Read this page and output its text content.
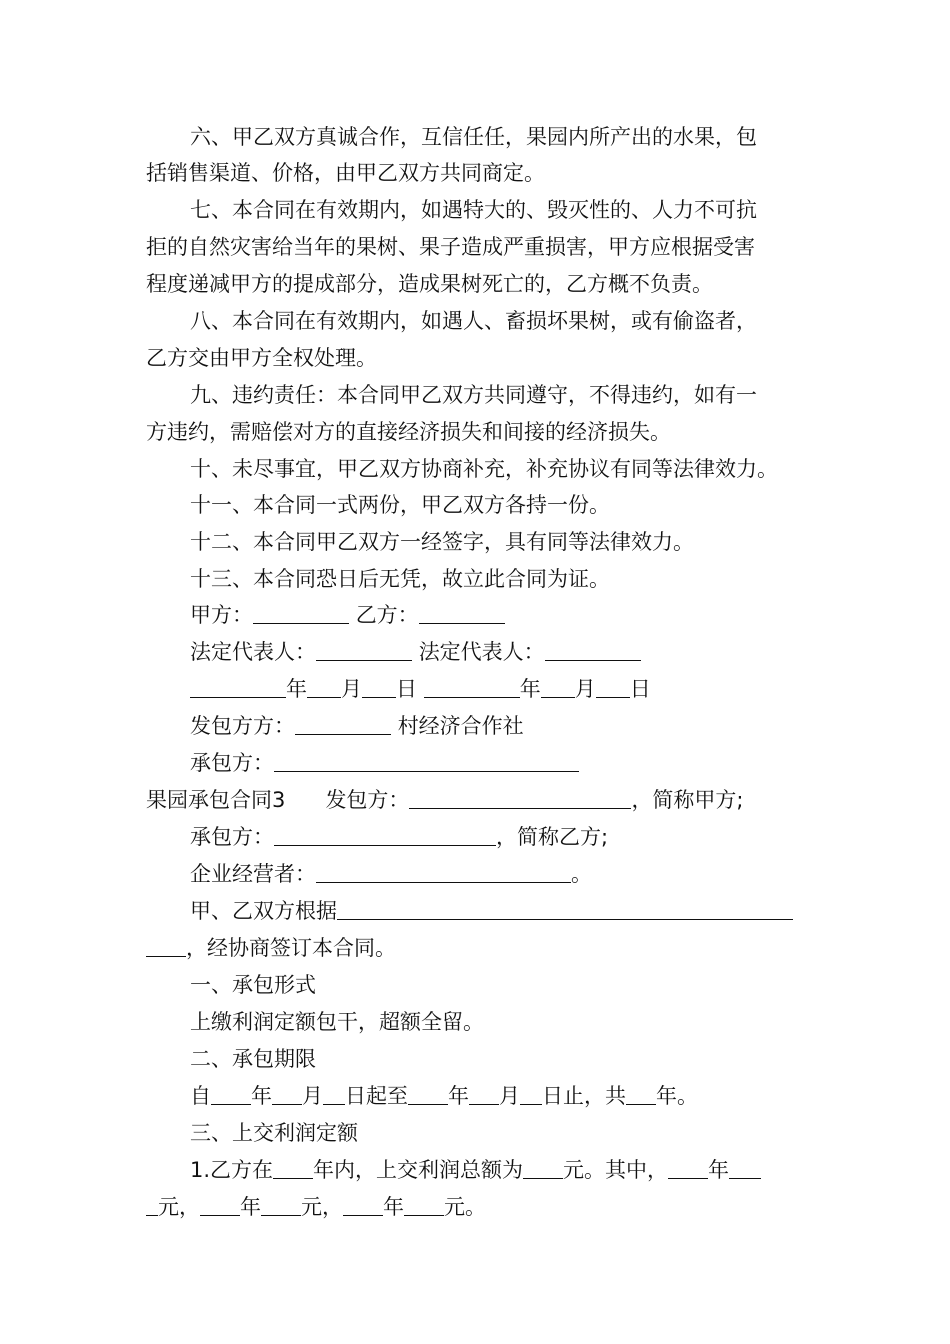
六、甲乙双方真诚合作，互信任任，果园内所产出的水果，包
括销售渠道、价格，由甲乙双方共同商定。
七、本合同在有效期内，如遇特大的、毁灭性的、人力不可抗
拒的自然灾害给当年的果树、果子造成严重损害，甲方应根据受害
程度递减甲方的提成部分，造成果树死亡的，乙方概不负责。
八、本合同在有效期内，如遇人、畜损坏果树，或有偷盗者，
乙方交由甲方全权处理。
九、违约责任：本合同甲乙双方共同遵守，不得违约，如有一
方违约，需赔偿对方的直接经济损失和间接的经济损失。
十、未尽事宜，甲乙双方协商补充，补充协议有同等法律效力。
十一、本合同一式两份，甲乙双方各持一份。
十二、本合同甲乙双方一经签字，具有同等法律效力。
十三、本合同恐日后无凭，故立此合同为证。
甲方：	乙方：
法定代表人：	法定代表人：
年 月 日	年 月 日
发包方方：	村经济合作社
承包方：
果园承包合同3 发包方：	，简称甲方;
承包方：	，简称乙方;
企业经营者：	。
甲、乙双方根据
，经协商签订本合同。
一、承包形式
上缴利润定额包干，超额全留。
二、承包期限
自 年 月 日起至 年 月 日止，共 年。
三、上交利润定额
1.乙方在 年内，上交利润总额为 元。其中， 年
元， 年 元， 年 元。
